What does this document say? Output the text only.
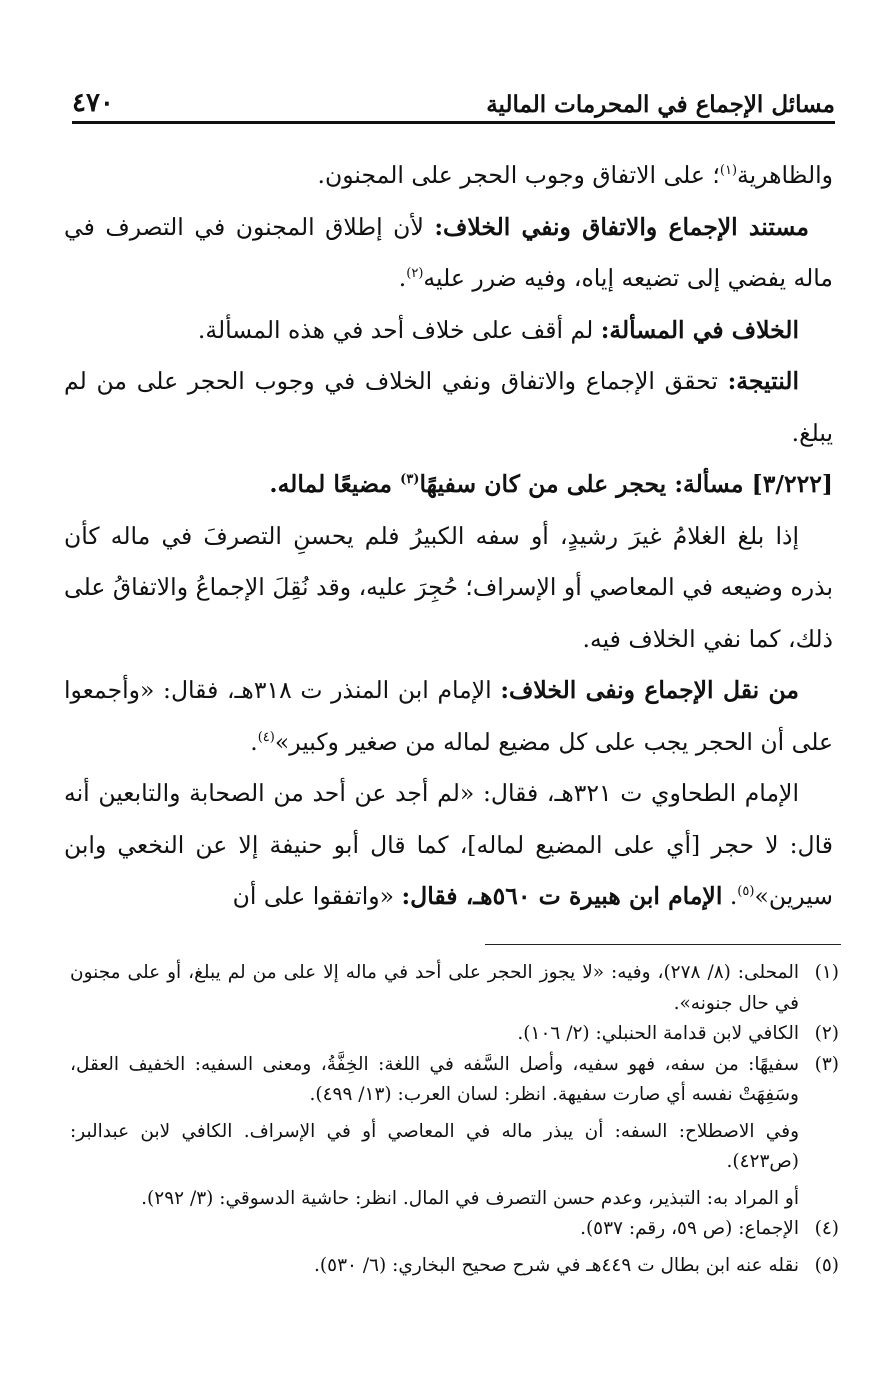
مسائل الإجماع في المحرمات المالية
٤٧٠

والظاهرية$^{(١)}$؛ على الاتفاق وجوب الحجر على المجنون.

مستند الإجماع والاتفاق ونفي الخلاف: لأن إطلاق المجنون في التصرف في ماله يفضي إلى تضيعه إياه، وفيه ضرر عليه$^{(٢)}$.

الخلاف في المسألة: لم أقف على خلاف أحد في هذه المسألة.

النتيجة: تحقق الإجماع والاتفاق ونفي الخلاف في وجوب الحجر على من لم يبلغ.

[٣/٢٢٢] مسألة: يحجر على من كان سفيهًا$^{(٣)}$ مضيعًا لماله.

إذا بلغ الغلامُ غيرَ رشيدٍ، أو سفه الكبيرُ فلم يحسنِ التصرفَ في ماله كأن بذره وضيعه في المعاصي أو الإسراف؛ حُجِرَ عليه، وقد نُقِلَ الإجماعُ والاتفاقُ على ذلك، كما نفي الخلاف فيه.

من نقل الإجماع ونفى الخلاف: الإمام ابن المنذر ت ٣١٨هـ، فقال: «وأجمعوا على أن الحجر يجب على كل مضيع لماله من صغير وكبير»$^{(٤)}$.

الإمام الطحاوي ت ٣٢١هـ، فقال: «لم أجد عن أحد من الصحابة والتابعين أنه قال: لا حجر [أي على المضيع لماله]، كما قال أبو حنيفة إلا عن النخعي وابن سيرين»$^{(٥)}$. الإمام ابن هبيرة ت ٥٦٠هـ، فقال: «واتفقوا على أن

(١)

المحلى: (٨/ ٢٧٨)، وفيه: «لا يجوز الحجر على أحد في ماله إلا على من لم يبلغ، أو على مجنون في حال جنونه».

(٢)

الكافي لابن قدامة الحنبلي: (٢/ ١٠٦).

(٣)

سفيهًا: من سفه، فهو سفيه، وأصل السَّفه في اللغة: الخِفَّةُ، ومعنى السفيه: الخفيف العقل، وسَفِهَتْ نفسه أي صارت سفيهة. انظر: لسان العرب: (١٣/ ٤٩٩).

وفي الاصطلاح: السفه: أن يبذر ماله في المعاصي أو في الإسراف. الكافي لابن عبدالبر: (ص٤٢٣).

أو المراد به: التبذير، وعدم حسن التصرف في المال. انظر: حاشية الدسوقي: (٣/ ٢٩٢).

(٤)

الإجماع: (ص ٥٩، رقم: ٥٣٧).

(٥)

نقله عنه ابن بطال ت ٤٤٩هـ في شرح صحيح البخاري: (٦/ ٥٣٠).
